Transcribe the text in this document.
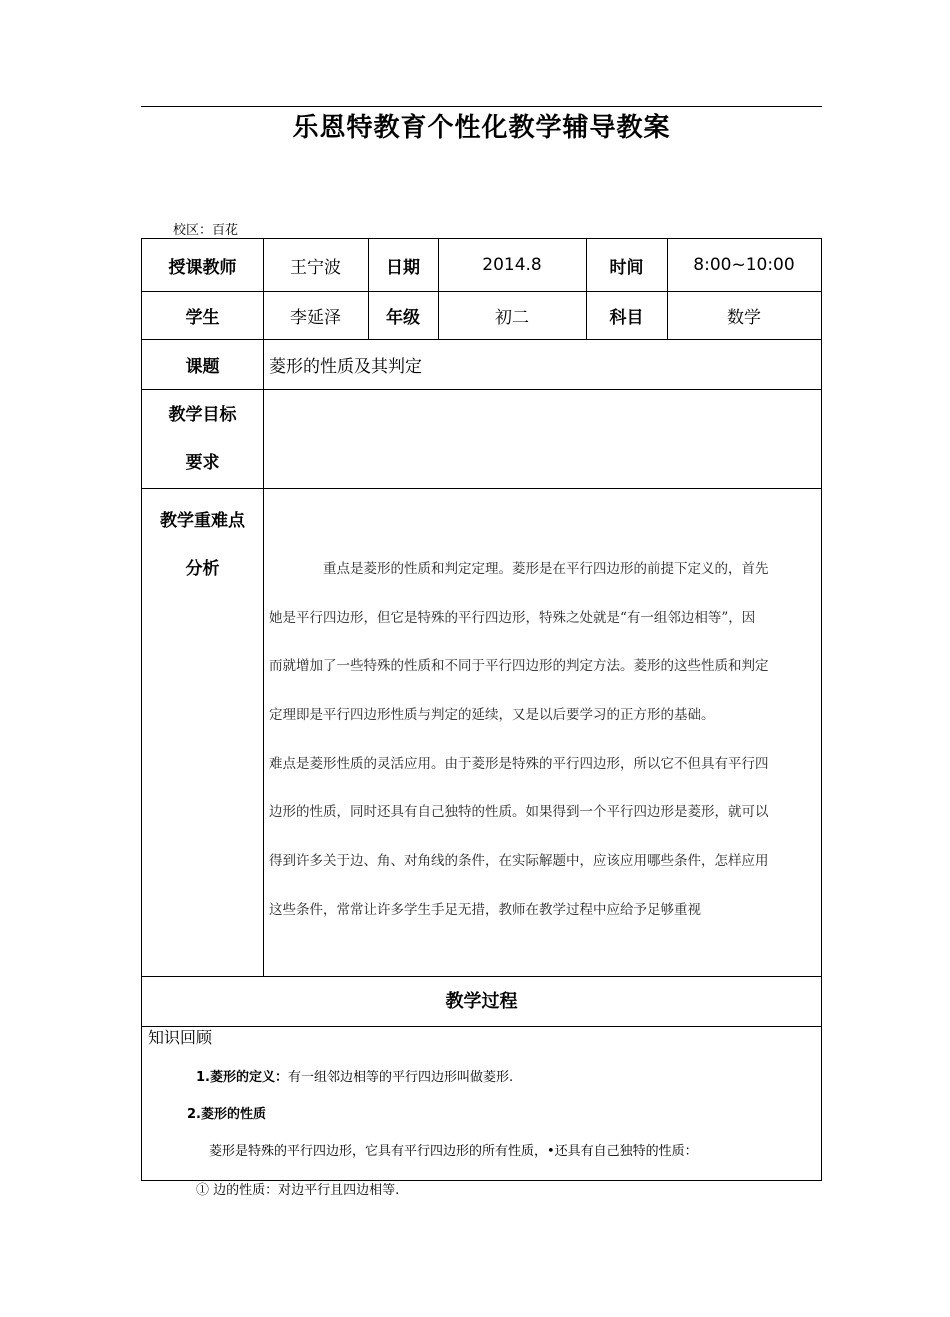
乐恩特教育个性化教学辅导教案
校区：百花
授课教师	王宁波	日期	2014.8	时间	8:00~10:00
学生	李延泽	年级	初二	科目	数学
课题	菱形的性质及其判定
教学目标
要求
教学重难点
分析	重点是菱形的性质和判定定理。菱形是在平行四边形的前提下定义的，首先
她是平行四边形，但它是特殊的平行四边形，特殊之处就是“有一组邻边相等”，因
而就增加了一些特殊的性质和不同于平行四边形的判定方法。菱形的这些性质和判定
定理即是平行四边形性质与判定的延续，又是以后要学习的正方形的基础。
难点是菱形性质的灵活应用。由于菱形是特殊的平行四边形，所以它不但具有平行四
边形的性质，同时还具有自己独特的性质。如果得到一个平行四边形是菱形，就可以
得到许多关于边、角、对角线的条件，在实际解题中，应该应用哪些条件，怎样应用
这些条件，常常让许多学生手足无措，教师在教学过程中应给予足够重视
教学过程
知识回顾
1.菱形的定义：有一组邻边相等的平行四边形叫做菱形.
2.菱形的性质
菱形是特殊的平行四边形，它具有平行四边形的所有性质，•还具有自己独特的性质：
① 边的性质：对边平行且四边相等.
